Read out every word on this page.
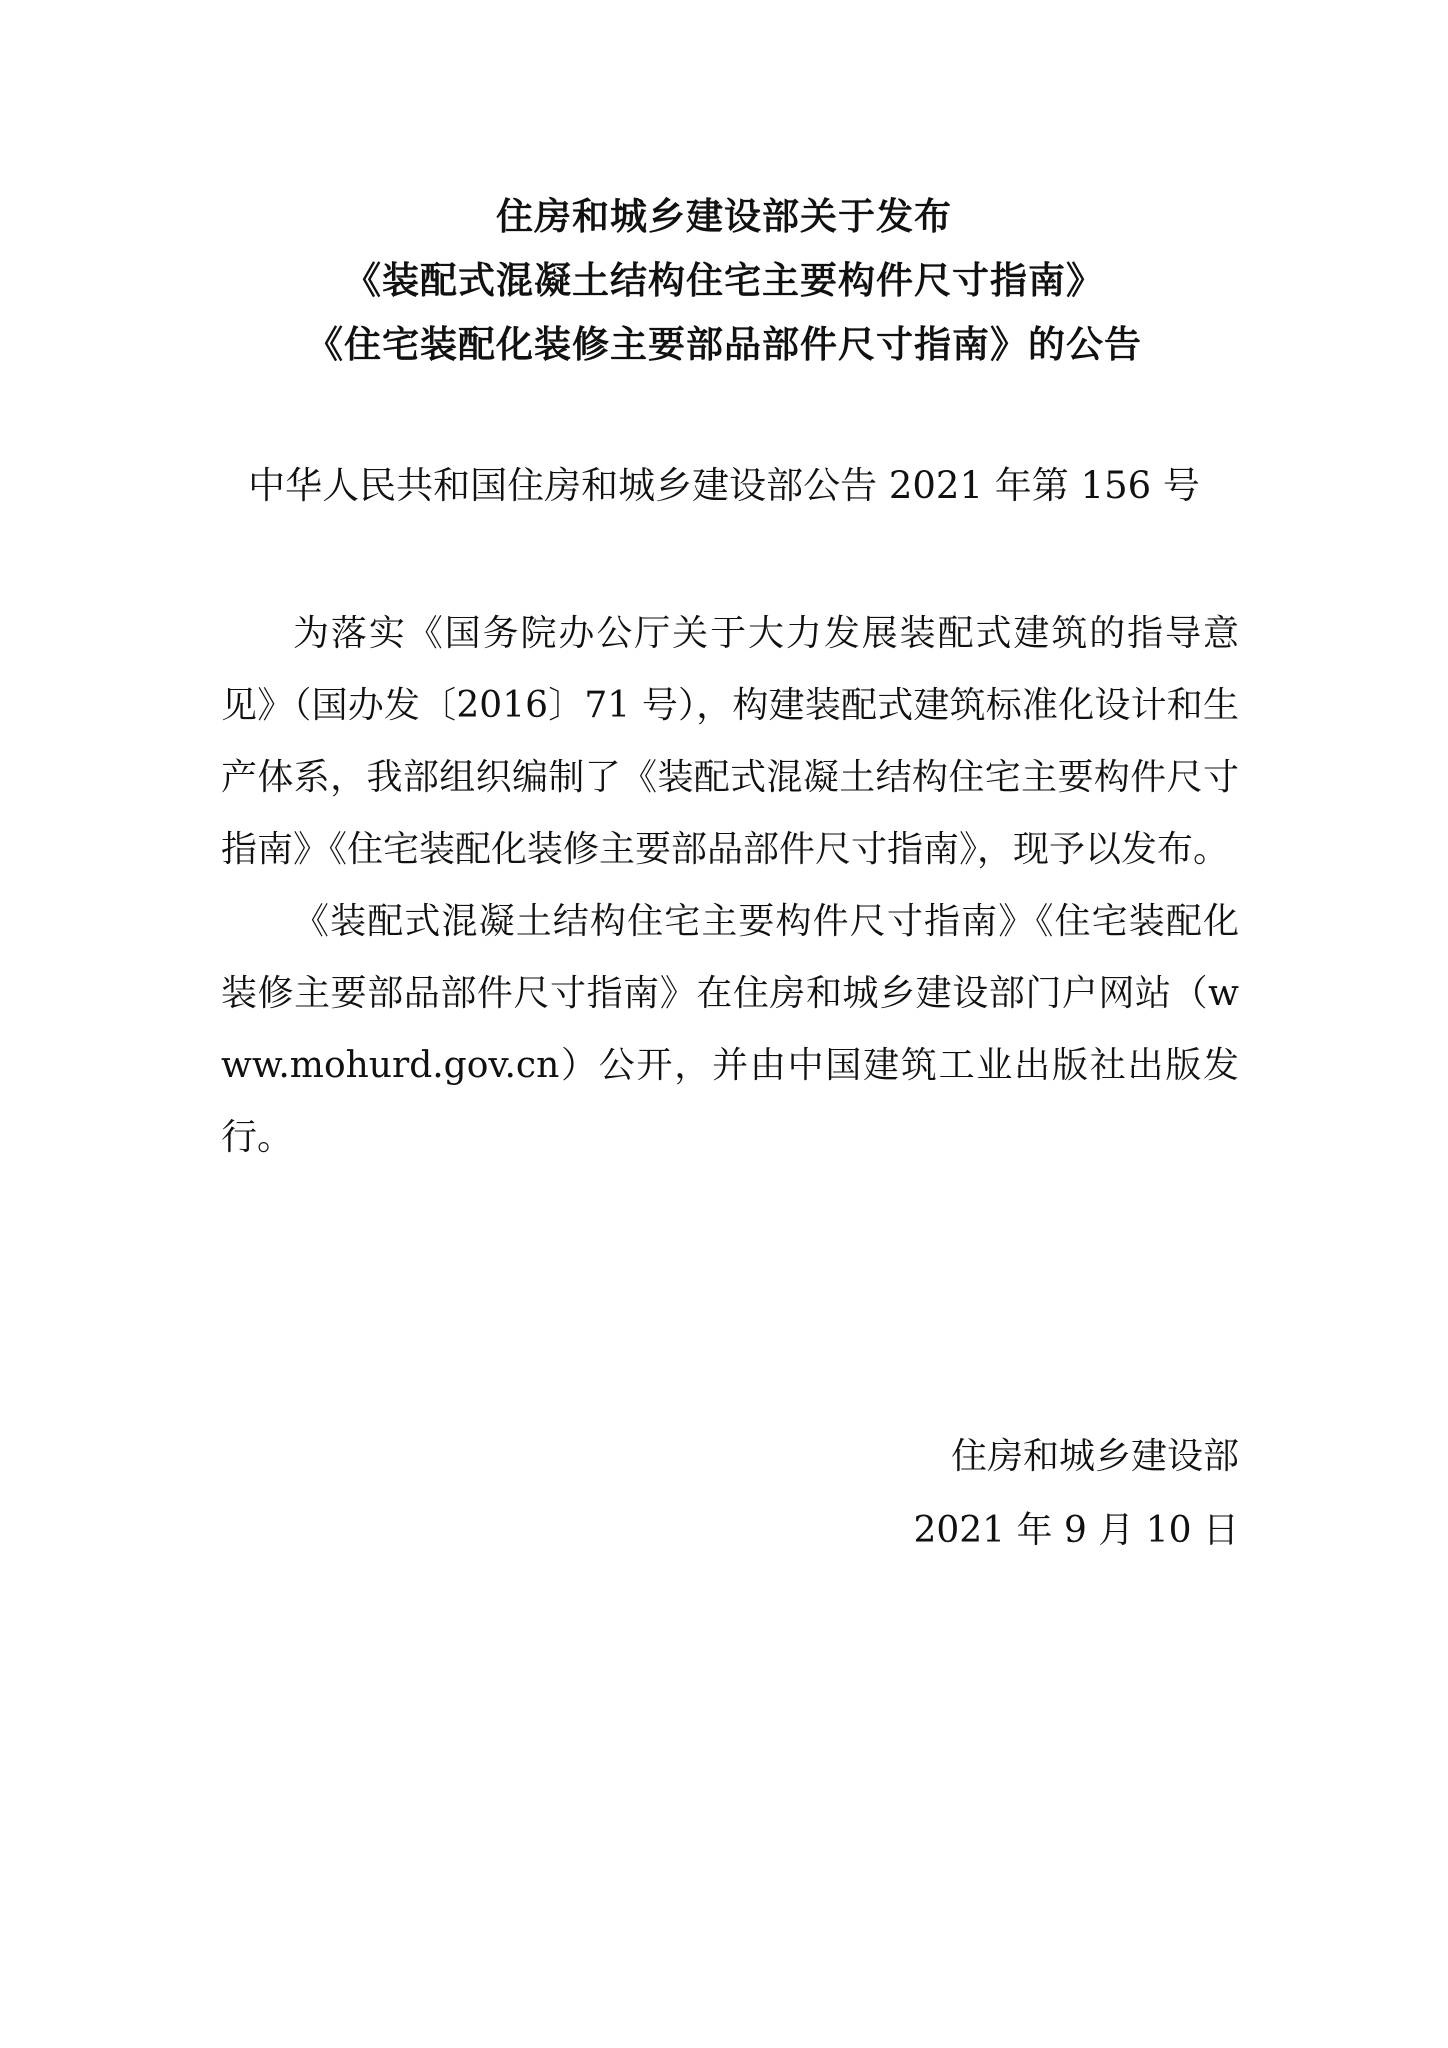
住房和城乡建设部关于发布
《装配式混凝土结构住宅主要构件尺寸指南》
《住宅装配化装修主要部品部件尺寸指南》的公告
中华人民共和国住房和城乡建设部公告 2021 年第 156 号

为落实《国务院办公厅关于大力发展装配式建筑的指导意见》（国办发〔2016〕71 号），构建装配式建筑标准化设计和生产体系，我部组织编制了《装配式混凝土结构住宅主要构件尺寸指南》《住宅装配化装修主要部品部件尺寸指南》，现予以发布。

《装配式混凝土结构住宅主要构件尺寸指南》《住宅装配化装修主要部品部件尺寸指南》在住房和城乡建设部门户网站（www.mohurd.gov.cn）公开，并由中国建筑工业出版社出版发行。

住房和城乡建设部
2021 年 9 月 10 日
